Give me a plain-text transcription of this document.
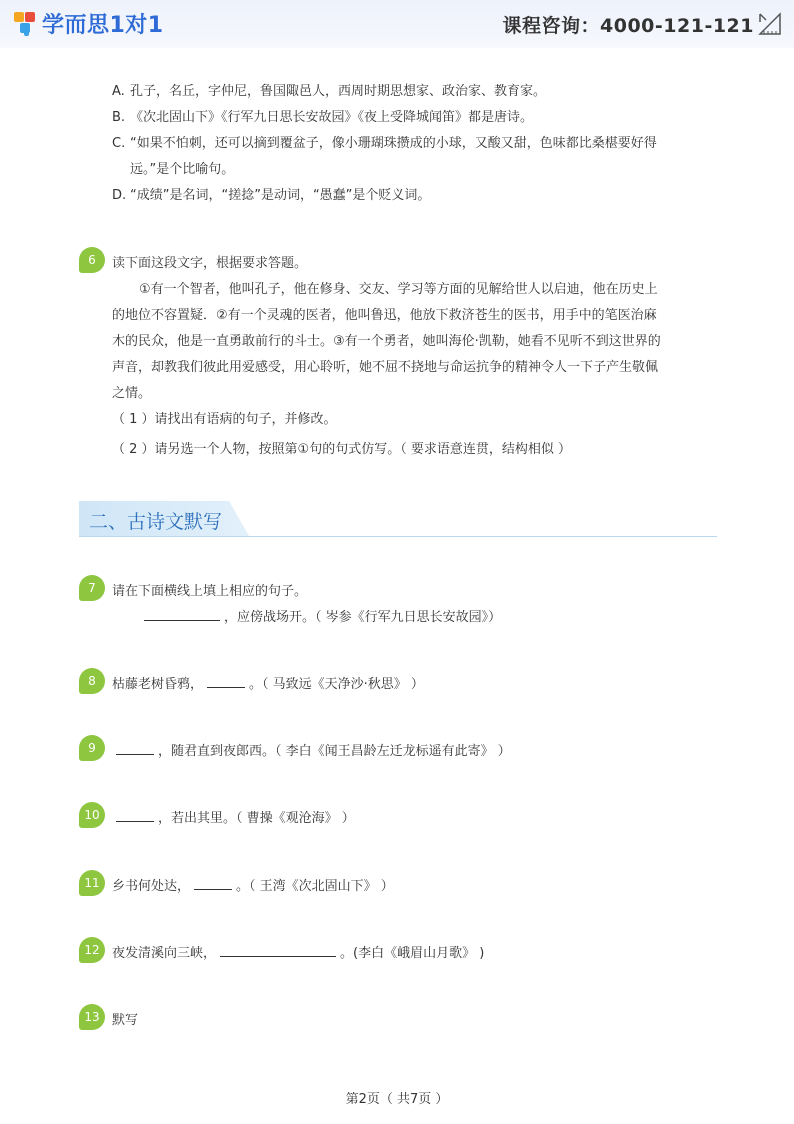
学而思1对1	课程咨询：4000-121-121
A. 孔子，名丘，字仲尼，鲁国陬邑人，西周时期思想家、政治家、教育家。
B. 《次北固山下》《行军九日思长安故园》《夜上受降城闻笛》都是唐诗。
C. “如果不怕刺，还可以摘到覆盆子，像小珊瑚珠攒成的小球，又酸又甜，色味都比桑椹要好得
远。”是个比喻句。
D. “成绩”是名词，“搓捻”是动词，“愚蠢”是个贬义词。
6	读下面这段文字，根据要求答题。
①有一个智者，他叫孔子，他在修身、交友、学习等方面的见解给世人以启迪，他在历史上
的地位不容置疑．②有一个灵魂的医者，他叫鲁迅，他放下救济苍生的医书，用手中的笔医治麻
木的民众，他是一直勇敢前行的斗士。③有一个勇者，她叫海伦·凯勒，她看不见听不到这世界的
声音，却教我们彼此用爱感受，用心聆听，她不屈不挠地与命运抗争的精神令人一下子产生敬佩
之情。
（ 1 ）请找出有语病的句子，并修改。
（ 2 ）请另选一个人物，按照第①句的句式仿写。（ 要求语意连贯，结构相似 ）
二、古诗文默写
7	请在下面横线上填上相应的句子。
，应傍战场开。（ 岑参《行军九日思长安故园》）
8	枯藤老树昏鸦，	。（ 马致远《天净沙·秋思》 ）
9	，随君直到夜郎西。（ 李白《闻王昌龄左迁龙标遥有此寄》 ）
10	，若出其里。（ 曹操《观沧海》 ）
11 乡书何处达，	。（ 王湾《次北固山下》 ）
12 夜发清溪向三峡，	。(李白《峨眉山月歌》 )
13 默写
第2页（ 共7页 ）
